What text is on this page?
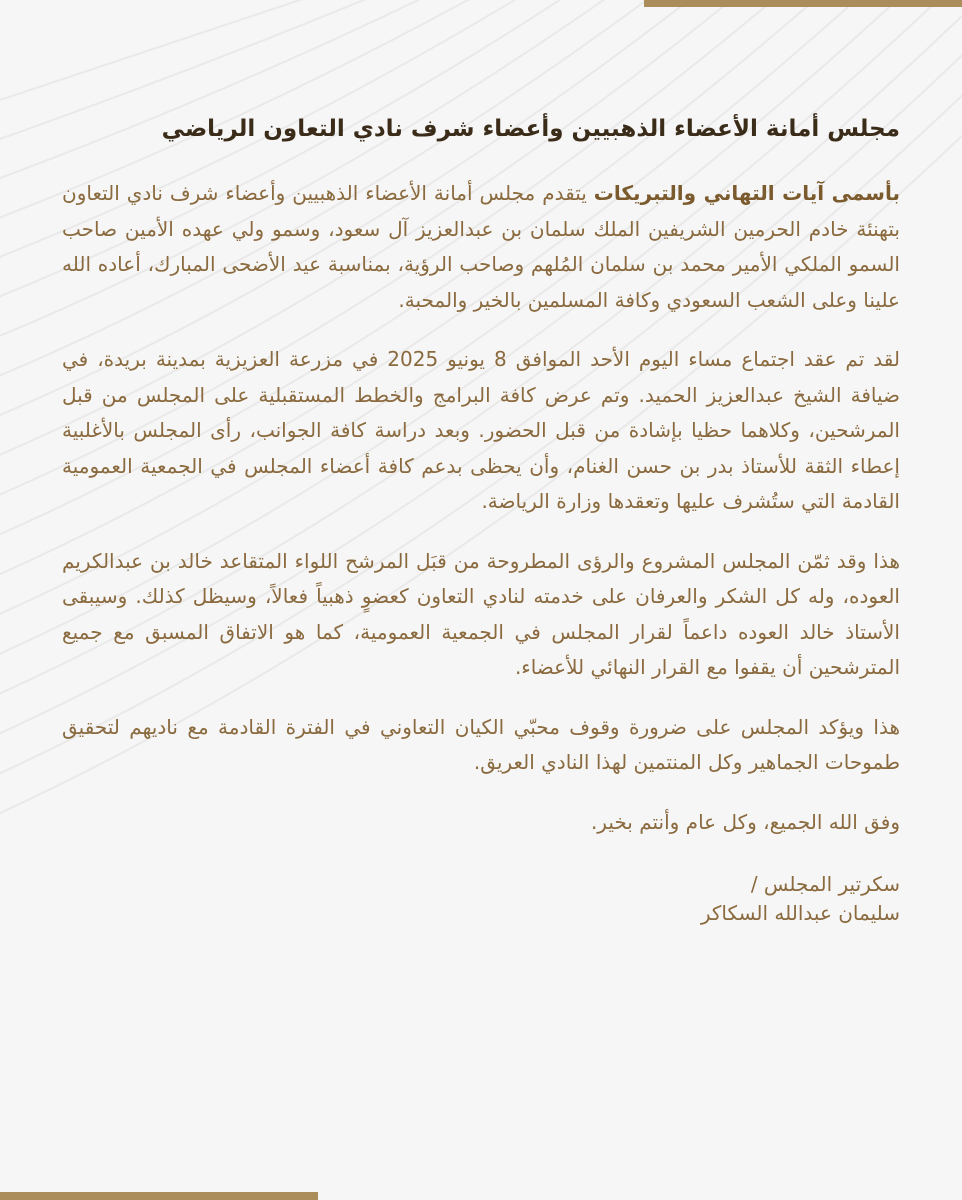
مجلس أمانة الأعضاء الذهبيين وأعضاء شرف نادي التعاون الرياضي

بأسمى آيات التهاني والتبريكات يتقدم مجلس أمانة الأعضاء الذهبيين وأعضاء شرف نادي التعاون بتهنئة خادم الحرمين الشريفين الملك سلمان بن عبدالعزيز آل سعود، وسمو ولي عهده الأمين صاحب السمو الملكي الأمير محمد بن سلمان المُلهم وصاحب الرؤية، بمناسبة عيد الأضحى المبارك، أعاده الله علينا وعلى الشعب السعودي وكافة المسلمين بالخير والمحبة.

لقد تم عقد اجتماع مساء اليوم الأحد الموافق 8 يونيو 2025 في مزرعة العزيزية بمدينة بريدة، في ضيافة الشيخ عبدالعزيز الحميد. وتم عرض كافة البرامج والخطط المستقبلية على المجلس من قبل المرشحين، وكلاهما حظيا بإشادة من قبل الحضور. وبعد دراسة كافة الجوانب، رأى المجلس بالأغلبية إعطاء الثقة للأستاذ بدر بن حسن الغنام، وأن يحظى بدعم كافة أعضاء المجلس في الجمعية العمومية القادمة التي ستُشرف عليها وتعقدها وزارة الرياضة.

هذا وقد ثمّن المجلس المشروع والرؤى المطروحة من قبَل المرشح اللواء المتقاعد خالد بن عبدالكريم العوده، وله كل الشكر والعرفان على خدمته لنادي التعاون كعضوٍ ذهبياً فعالاً، وسيظل كذلك. وسيبقى الأستاذ خالد العوده داعماً لقرار المجلس في الجمعية العمومية، كما هو الاتفاق المسبق مع جميع المترشحين أن يقفوا مع القرار النهائي للأعضاء.

هذا ويؤكد المجلس على ضرورة وقوف محبّي الكيان التعاوني في الفترة القادمة مع ناديهم لتحقيق طموحات الجماهير وكل المنتمين لهذا النادي العريق.

وفق الله الجميع، وكل عام وأنتم بخير.
سكرتير المجلس /
سليمان عبدالله السكاكر
